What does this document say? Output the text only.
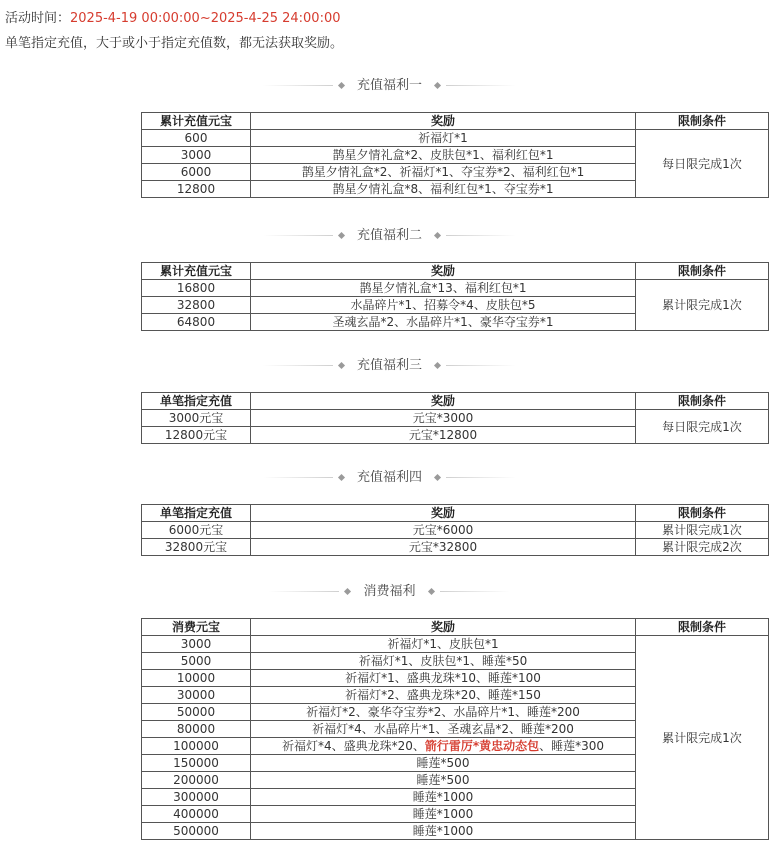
活动时间：2025-4-19 00:00:00~2025-4-25 24:00:00
单笔指定充值，大于或小于指定充值数，都无法获取奖励。
充值福利一
累计充值元宝	奖励	限制条件
600	祈福灯*1	每日限完成1次
3000	鹊星夕情礼盒*2、皮肤包*1、福利红包*1	
6000	鹊星夕情礼盒*2、祈福灯*1、夺宝券*2、福利红包*1	
12800	鹊星夕情礼盒*8、福利红包*1、夺宝券*1	
充值福利二
累计充值元宝	奖励	限制条件
16800	鹊星夕情礼盒*13、福利红包*1	累计限完成1次
32800	水晶碎片*1、招募令*4、皮肤包*5	
64800	圣魂玄晶*2、水晶碎片*1、豪华夺宝券*1	
充值福利三
单笔指定充值	奖励	限制条件
3000元宝	元宝*3000	每日限完成1次
12800元宝	元宝*12800	
充值福利四
单笔指定充值	奖励	限制条件
6000元宝	元宝*6000	累计限完成1次
32800元宝	元宝*32800	累计限完成2次
消费福利
消费元宝	奖励	限制条件
3000	祈福灯*1、皮肤包*1	累计限完成1次
5000	祈福灯*1、皮肤包*1、睡莲*50	
10000	祈福灯*1、盛典龙珠*10、睡莲*100	
30000	祈福灯*2、盛典龙珠*20、睡莲*150	
50000	祈福灯*2、豪华夺宝券*2、水晶碎片*1、睡莲*200	
80000	祈福灯*4、水晶碎片*1、圣魂玄晶*2、睡莲*200	
100000	祈福灯*4、盛典龙珠*20、箭行雷厉*黄忠动态包、睡莲*300	
150000	睡莲*500	
200000	睡莲*500	
300000	睡莲*1000	
400000	睡莲*1000	
500000	睡莲*1000	
